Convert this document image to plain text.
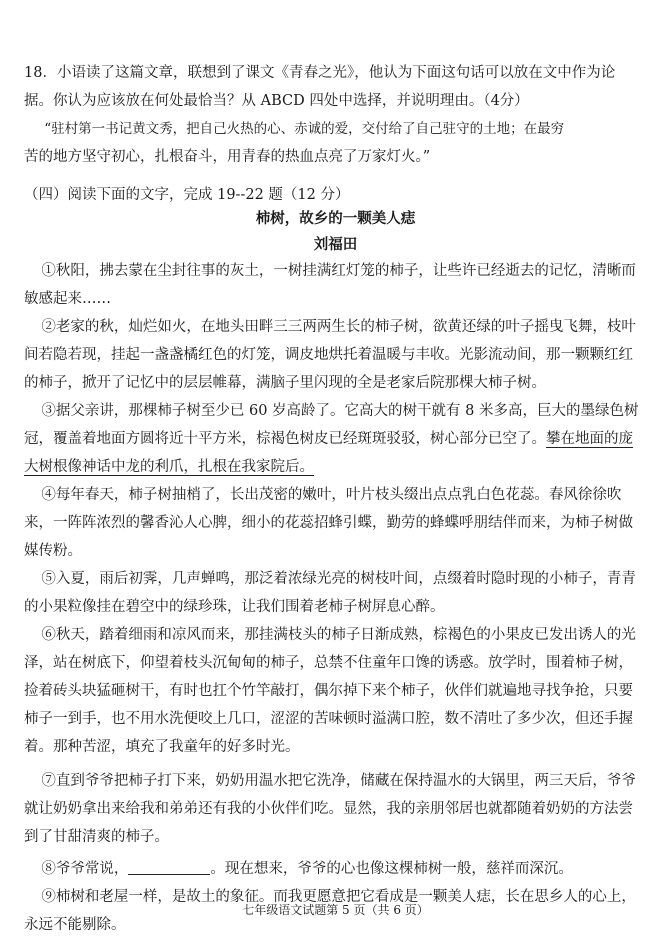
18．小语读了这篇文章，联想到了课文《青春之光》，他认为下面这句话可以放在文中作为论

据。你认为应该放在何处最恰当？从 ABCD 四处中选择，并说明理由。（4分）

“驻村第一书记黄文秀，把自己火热的心、赤诚的爱，交付给了自己驻守的土地；在最穷

苦的地方坚守初心，扎根奋斗，用青春的热血点亮了万家灯火。”

（四）阅读下面的文字，完成 19--22 题（12 分）

柿树，故乡的一颗美人痣

刘福田

①秋阳，拂去蒙在尘封往事的灰土，一树挂满红灯笼的柿子，让些许已经逝去的记忆，清晰而敏感起来……

②老家的秋，灿烂如火，在地头田畔三三两两生长的柿子树，欲黄还绿的叶子摇曳飞舞，枝叶间若隐若现，挂起一盏盏橘红色的灯笼，调皮地烘托着温暖与丰收。光影流动间，那一颗颗红红的柿子，掀开了记忆中的层层帷幕，满脑子里闪现的全是老家后院那棵大柿子树。

③据父亲讲，那棵柿子树至少已 60 岁高龄了。它高大的树干就有 8 米多高，巨大的墨绿色树冠，覆盖着地面方圆将近十平方米，棕褐色树皮已经斑斑驳驳，树心部分已空了。攀在地面的庞大树根像神话中龙的利爪，扎根在我家院后。

④每年春天，柿子树抽梢了，长出茂密的嫩叶，叶片枝头缀出点点乳白色花蕊。春风徐徐吹来，一阵阵浓烈的馨香沁人心脾，细小的花蕊招蜂引蝶，勤劳的蜂蝶呼朋结伴而来，为柿子树做媒传粉。

⑤入夏，雨后初霁，几声蝉鸣，那泛着浓绿光亮的树枝叶间，点缀着时隐时现的小柿子，青青的小果粒像挂在碧空中的绿珍珠，让我们围着老柿子树屏息心醉。

⑥秋天，踏着细雨和凉风而来，那挂满枝头的柿子日渐成熟，棕褐色的小果皮已发出诱人的光泽，站在树底下，仰望着枝头沉甸甸的柿子，总禁不住童年口馋的诱惑。放学时，围着柿子树，捡着砖头块猛砸树干，有时也扛个竹竿敲打，偶尔掉下来个柿子，伙伴们就遍地寻找争抢，只要柿子一到手，也不用水洗便咬上几口，涩涩的苦味顿时溢满口腔，数不清吐了多少次，但还手握着。那种苦涩，填充了我童年的好多时光。

⑦直到爷爷把柿子打下来，奶奶用温水把它洗净，储藏在保持温水的大锅里，两三天后，爷爷就让奶奶拿出来给我和弟弟还有我的小伙伴们吃。显然，我的亲朋邻居也就都随着奶奶的方法尝到了甘甜清爽的柿子。

⑧爷爷常说，	。现在想来，爷爷的心也像这棵柿树一般，慈祥而深沉。

⑨柿树和老屋一样，是故土的象征。而我更愿意把它看成是一颗美人痣，长在思乡人的心上，永远不能剔除。

七年级语文试题第 5 页（共 6 页）
